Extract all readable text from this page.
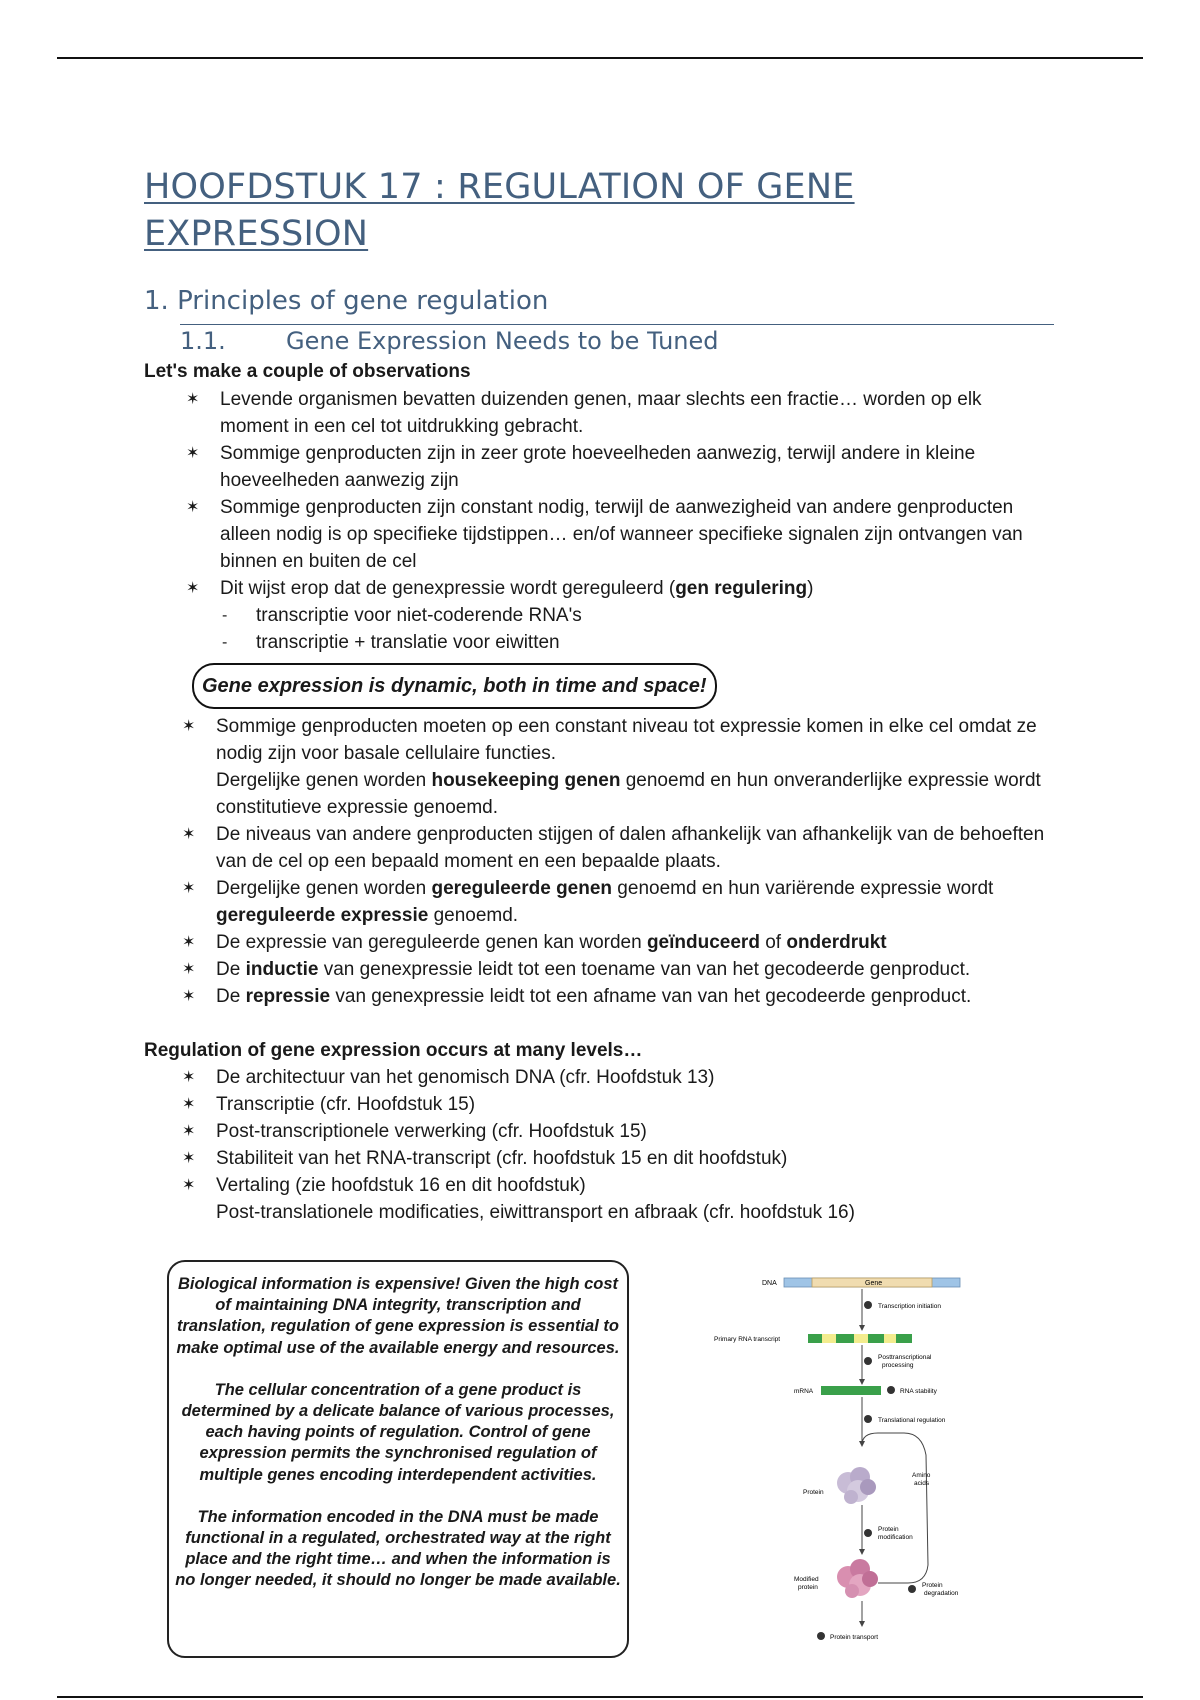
HOOFDSTUK 17 : REGULATION OF GENE
EXPRESSION
1. Principles of gene regulation
1.1.	Gene Expression Needs to be Tuned

Let's make a couple of observations

✶ Levende organismen bevatten duizenden genen, maar slechts een fractie… worden op elk moment in een cel tot uitdrukking gebracht.
✶ Sommige genproducten zijn in zeer grote hoeveelheden aanwezig, terwijl andere in kleine hoeveelheden aanwezig zijn
✶ Sommige genproducten zijn constant nodig, terwijl de aanwezigheid van andere genproducten alleen nodig is op specifieke tijdstippen… en/of wanneer specifieke signalen zijn ontvangen van binnen en buiten de cel
✶ Dit wijst erop dat de genexpressie wordt gereguleerd (gen regulering)
- transcriptie voor niet-coderende RNA's
- transcriptie + translatie voor eiwitten
Gene expression is dynamic, both in time and space!
✶ Sommige genproducten moeten op een constant niveau tot expressie komen in elke cel omdat ze nodig zijn voor basale cellulaire functies.
Dergelijke genen worden housekeeping genen genoemd en hun onveranderlijke expressie wordt constitutieve expressie genoemd.
✶ De niveaus van andere genproducten stijgen of dalen afhankelijk van afhankelijk van de behoeften van de cel op een bepaald moment en een bepaalde plaats.
✶ Dergelijke genen worden gereguleerde genen genoemd en hun variërende expressie wordt gereguleerde expressie genoemd.
✶ De expressie van gereguleerde genen kan worden geïnduceerd of onderdrukt
✶ De inductie van genexpressie leidt tot een toename van van het gecodeerde genproduct.
✶ De repressie van genexpressie leidt tot een afname van van het gecodeerde genproduct.

Regulation of gene expression occurs at many levels…

✶ De architectuur van het genomisch DNA (cfr. Hoofdstuk 13)
✶ Transcriptie (cfr. Hoofdstuk 15)
✶ Post-transcriptionele verwerking (cfr. Hoofdstuk 15)
✶ Stabiliteit van het RNA-transcript (cfr. hoofdstuk 15 en dit hoofdstuk)
✶ Vertaling (zie hoofdstuk 16 en dit hoofdstuk)
Post-translationele modificaties, eiwittransport en afbraak (cfr. hoofdstuk 16)

Biological information is expensive! Given the high cost of maintaining DNA integrity, transcription and translation, regulation of gene expression is essential to make optimal use of the available energy and resources.

The cellular concentration of a gene product is determined by a delicate balance of various processes, each having points of regulation. Control of gene expression permits the synchronised regulation of multiple genes encoding interdependent activities.

The information encoded in the DNA must be made functional in a regulated, orchestrated way at the right place and the right time… and when the information is no longer needed, it should no longer be made available.

DNA	Gene
Transcription initiation
Primary RNA transcript
Posttranscriptional
processing
mRNA	RNA stability
Translational regulation
Amino
acids
Protein
Protein
modification
Modified
protein	Protein
degradation
Protein transport
